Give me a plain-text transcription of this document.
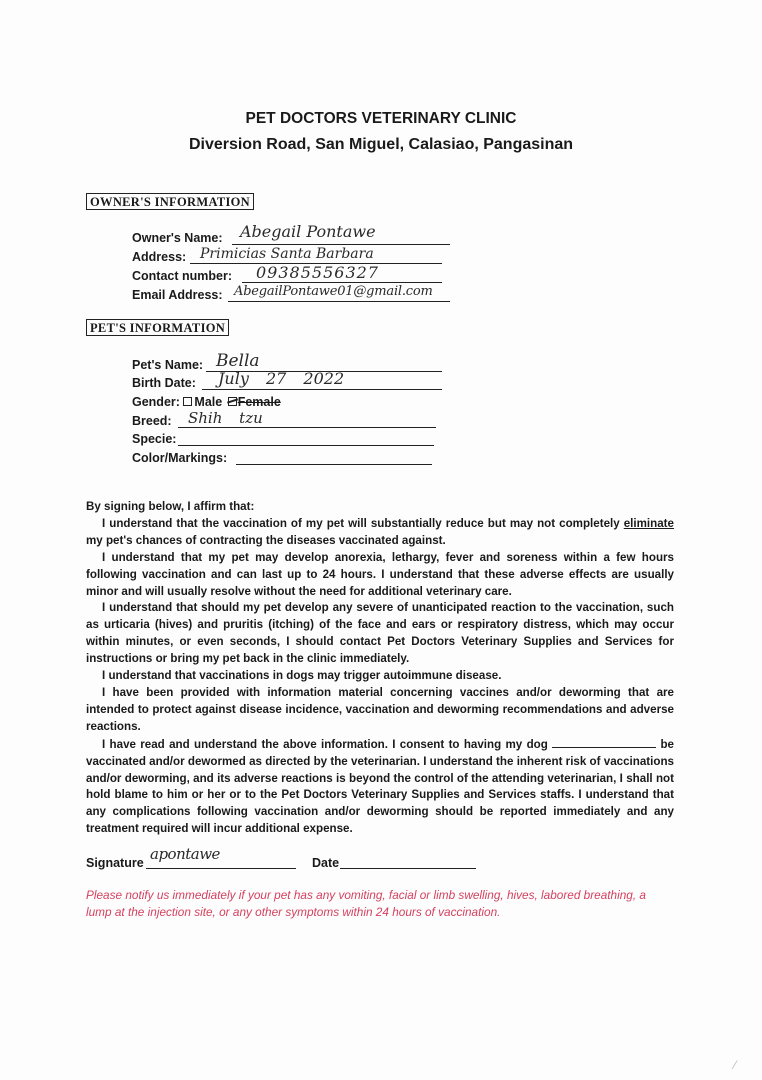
PET DOCTORS VETERINARY CLINIC
Diversion Road, San Miguel, Calasiao, Pangasinan
OWNER'S INFORMATION
Owner's Name: Abegail Pontawe
Address: Primicias Santa Barbara
Contact number: 09385556327
Email Address: AbegailPontawe01@gmail.com
PET'S INFORMATION
Pet's Name: Bella
Birth Date: July 27 2022
Gender: Male Female
Breed: Shih tzu
Specie:
Color/Markings:

By signing below, I affirm that:

I understand that the vaccination of my pet will substantially reduce but may not completely eliminate my pet's chances of contracting the diseases vaccinated against.

I understand that my pet may develop anorexia, lethargy, fever and soreness within a few hours following vaccination and can last up to 24 hours. I understand that these adverse effects are usually minor and will usually resolve without the need for additional veterinary care.

I understand that should my pet develop any severe of unanticipated reaction to the vaccination, such as urticaria (hives) and pruritis (itching) of the face and ears or respiratory distress, which may occur within minutes, or even seconds, I should contact Pet Doctors Veterinary Supplies and Services for instructions or bring my pet back in the clinic immediately.

I understand that vaccinations in dogs may trigger autoimmune disease.

I have been provided with information material concerning vaccines and/or deworming that are intended to protect against disease incidence, vaccination and deworming recommendations and adverse reactions.

I have read and understand the above information. I consent to having my dog	be vaccinated and/or dewormed as directed by the veterinarian. I understand the inherent risk of vaccinations and/or deworming, and its adverse reactions is beyond the control of the attending veterinarian, I shall not hold blame to him or her or to the Pet Doctors Veterinary Supplies and Services staffs. I understand that any complications following vaccination and/or deworming should be reported immediately and any treatment required will incur additional expense.

Signature apontawe	Date
Please notify us immediately if your pet has any vomiting, facial or limb swelling, hives, labored breathing, a lump at the injection site, or any other symptoms within 24 hours of vaccination.
⁄
